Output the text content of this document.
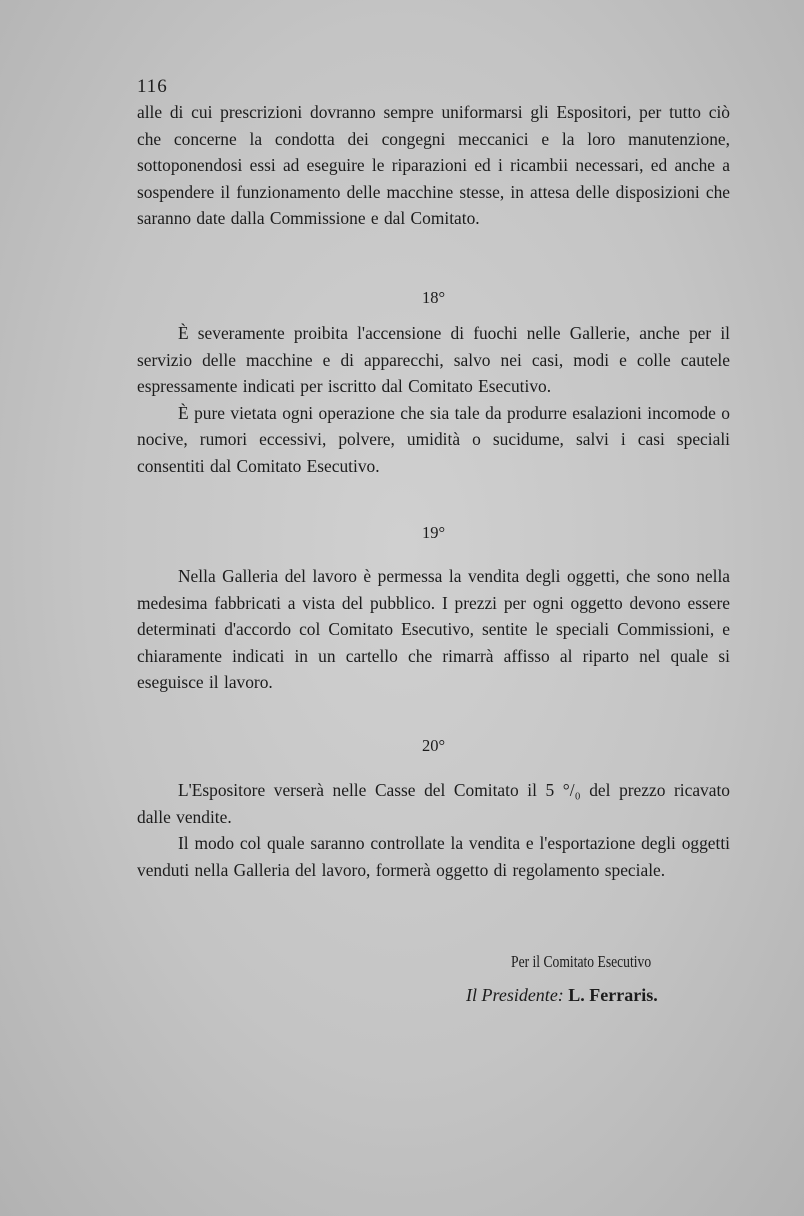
116

alle di cui prescrizioni dovranno sempre uniformarsi gli Espositori, per tutto ciò che concerne la condotta dei congegni meccanici e la loro manutenzione, sottoponendosi essi ad eseguire le riparazioni ed i ricambii necessari, ed anche a sospendere il funzionamento delle macchine stesse, in attesa delle disposizioni che saranno date dalla Commissione e dal Comitato.

18°

È severamente proibita l'accensione di fuochi nelle Gallerie, anche per il servizio delle macchine e di apparecchi, salvo nei casi, modi e colle cautele espressamente indicati per iscritto dal Comitato Esecutivo.

È pure vietata ogni operazione che sia tale da produrre esalazioni incomode o nocive, rumori eccessivi, polvere, umidità o sucidume, salvi i casi speciali consentiti dal Comitato Esecutivo.

19°

Nella Galleria del lavoro è permessa la vendita degli oggetti, che sono nella medesima fabbricati a vista del pubblico. I prezzi per ogni oggetto devono essere determinati d'accordo col Comitato Esecutivo, sentite le speciali Commissioni, e chiaramente indicati in un cartello che rimarrà affisso al riparto nel quale si eseguisce il lavoro.

20°

L'Espositore verserà nelle Casse del Comitato il 5 °/₀ del prezzo ricavato dalle vendite.

Il modo col quale saranno controllate la vendita e l'esportazione degli oggetti venduti nella Galleria del lavoro, formerà oggetto di regolamento speciale.

Per il Comitato Esecutivo
Il Presidente: L. Ferraris.
